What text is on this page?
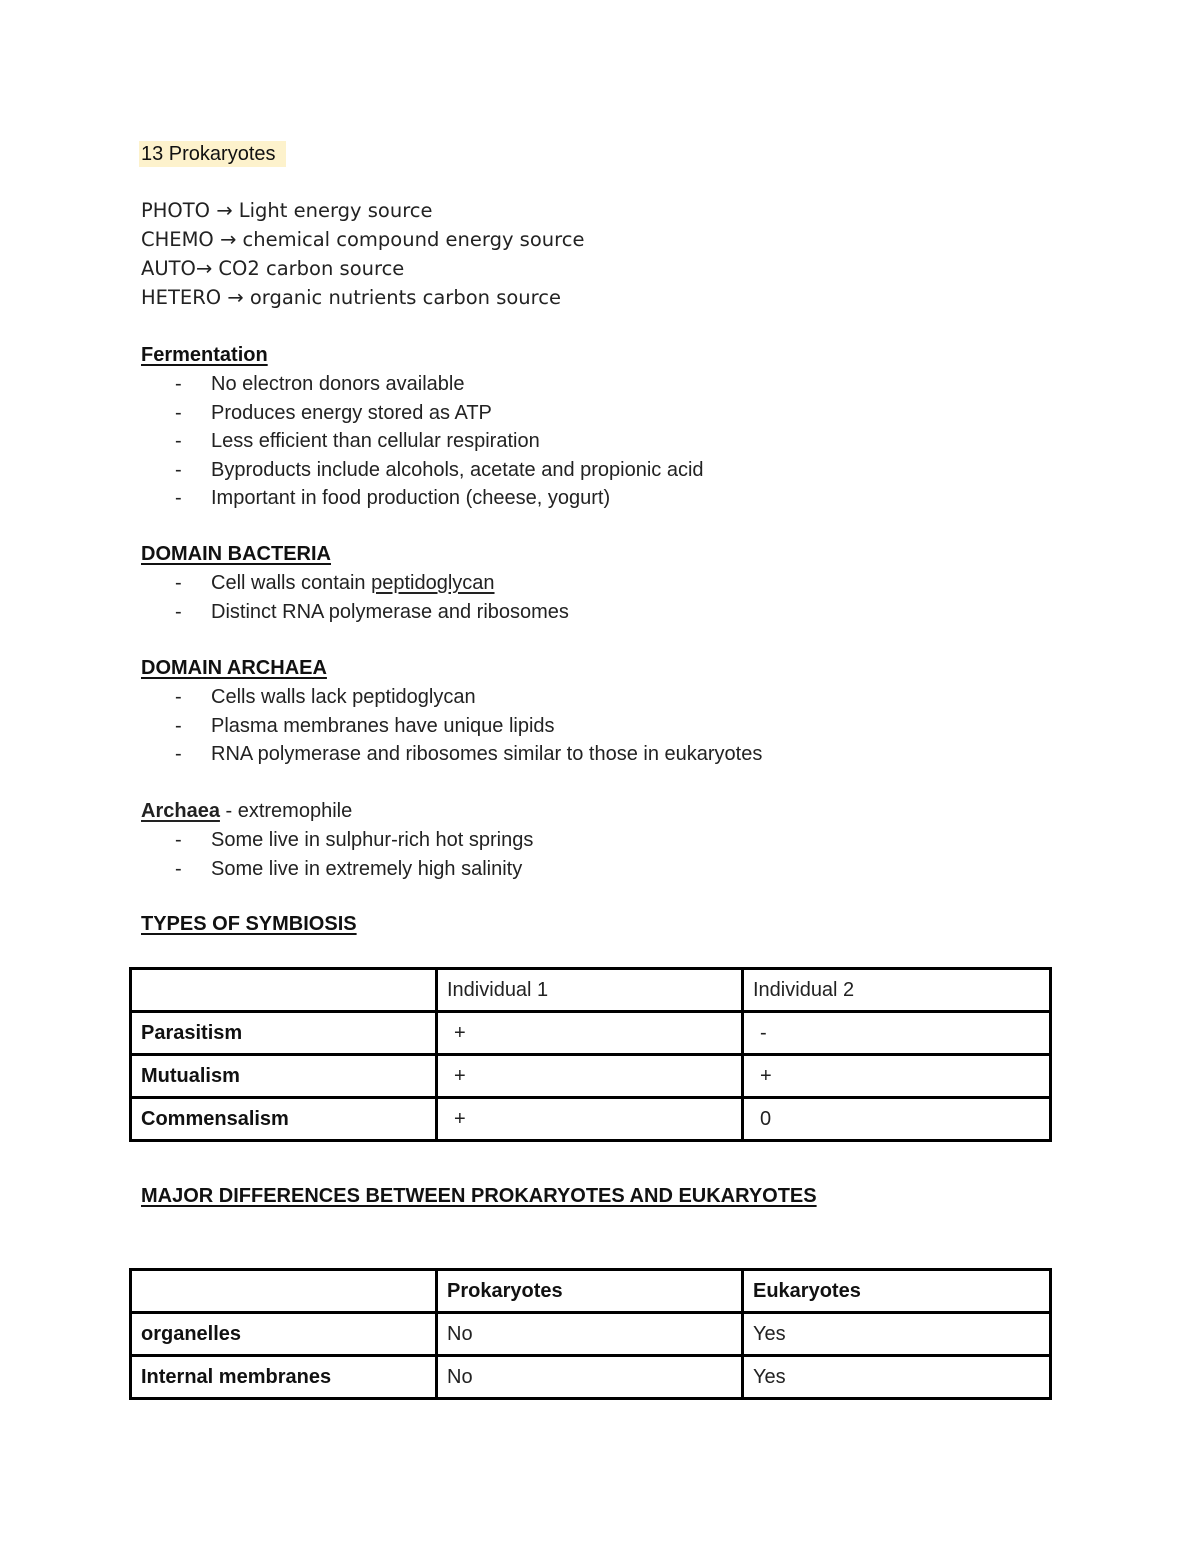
13 Prokaryotes
PHOTO → Light energy source
CHEMO → chemical compound energy source
AUTO→ CO2 carbon source
HETERO → organic nutrients carbon source
Fermentation
- No electron donors available
- Produces energy stored as ATP
- Less efficient than cellular respiration
- Byproducts include alcohols, acetate and propionic acid
- Important in food production (cheese, yogurt)
DOMAIN BACTERIA
- Cell walls contain peptidoglycan
- Distinct RNA polymerase and ribosomes
DOMAIN ARCHAEA
- Cells walls lack peptidoglycan
- Plasma membranes have unique lipids
- RNA polymerase and ribosomes similar to those in eukaryotes
Archaea - extremophile
- Some live in sulphur-rich hot springs
- Some live in extremely high salinity
TYPES OF SYMBIOSIS
	Individual 1	Individual 2
Parasitism	+	-
Mutualism	+	+
Commensalism	+	0
MAJOR DIFFERENCES BETWEEN PROKARYOTES AND EUKARYOTES
	Prokaryotes	Eukaryotes
organelles	No	Yes
Internal membranes	No	Yes
